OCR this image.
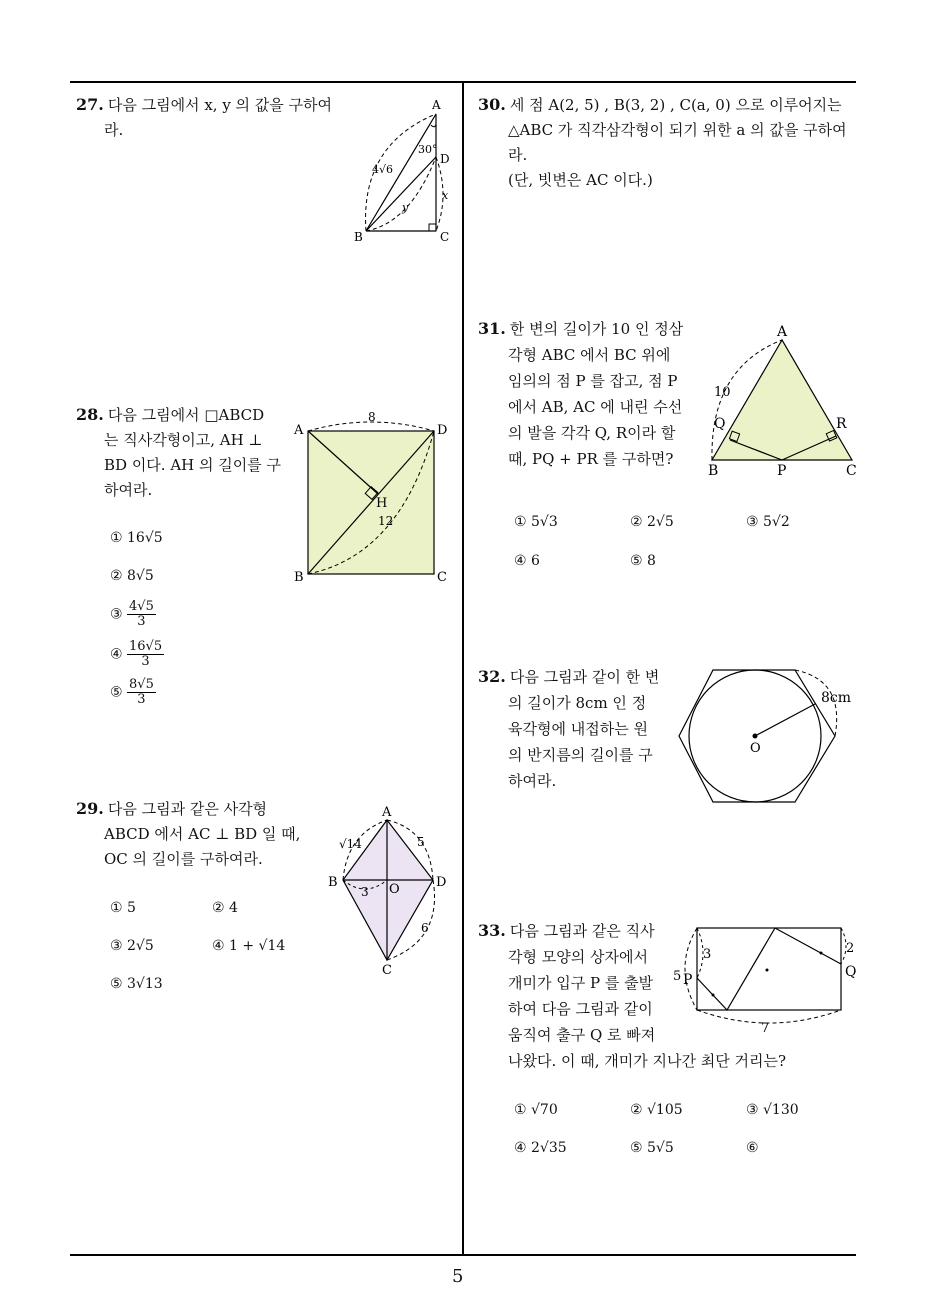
5
27. 다음 그림에서 x, y 의 값을 구하여
라.
A
B	C
D
30°
4√6
x
y
28. 다음 그림에서 □ABCD
는 직사각형이고, AH ⊥
BD 이다. AH 의 길이를 구
하여라.
① 16√5
② 8√5
③ $\frac{4√5}{3}$
④ $\frac{16√5}{3}$
⑤ $\frac{8√5}{3}$
A
B	C
D
H
8
12
29. 다음 그림과 같은 사각형
ABCD 에서 AC ⊥ BD 일 때,
OC 의 길이를 구하여라.
① 5	② 4
③ 2√5	④ 1 + √14
⑤ 3√13
A
B
C
D
O
√14	5
3
6
30. 세 점 A(2, 5) , B(3, 2) , C(a, 0) 으로 이루어지는
△ABC 가 직각삼각형이 되기 위한 a 의 값을 구하여
라.
(단, 빗변은 AC 이다.)
31. 한 변의 길이가 10 인 정삼
각형 ABC 에서 BC 위에
임의의 점 P 를 잡고, 점 P
에서 AB, AC 에 내린 수선
의 발을 각각 Q, R이라 할
때, PQ + PR 를 구하면?
A
B	C
P
Q	R
10
① 5√3	② 2√5	③ 5√2
④ 6	⑤ 8
32. 다음 그림과 같이 한 변
의 길이가 8cm 인 정
육각형에 내접하는 원
의 반지름의 길이를 구
하여라.
O
8cm
33. 다음 그림과 같은 직사
각형 모양의 상자에서
개미가 입구 P 를 출발
하여 다음 그림과 같이
움직여 출구 Q 로 빠져
나왔다. 이 때, 개미가 지나간 최단 거리는?
5 P
3	2
Q
7
① √70	② √105	③ √130
④ 2√35	⑤ 5√5	⑥
